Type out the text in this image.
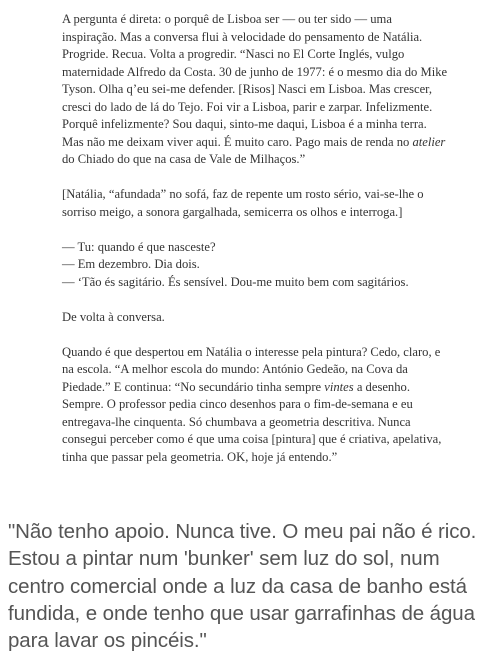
A pergunta é direta: o porquê de Lisboa ser — ou ter sido — uma inspiração. Mas a conversa flui à velocidade do pensamento de Natália. Progride. Recua. Volta a progredir. “Nasci no El Corte Inglés, vulgo maternidade Alfredo da Costa. 30 de junho de 1977: é o mesmo dia do Mike Tyson. Olha q’eu sei-me defender. [Risos] Nasci em Lisboa. Mas crescer, cresci do lado de lá do Tejo. Foi vir a Lisboa, parir e zarpar. Infelizmente. Porquê infelizmente? Sou daqui, sinto-me daqui, Lisboa é a minha terra. Mas não me deixam viver aqui. É muito caro. Pago mais de renda no atelier do Chiado do que na casa de Vale de Milhaços.”

[Natália, “afundada” no sofá, faz de repente um rosto sério, vai-se-lhe o sorriso meigo, a sonora gargalhada, semicerra os olhos e interroga.]

— Tu: quando é que nasceste?

— Em dezembro. Dia dois.

— ‘Tão és sagitário. És sensível. Dou-me muito bem com sagitários.

De volta à conversa.

Quando é que despertou em Natália o interesse pela pintura? Cedo, claro, e na escola. “A melhor escola do mundo: António Gedeão, na Cova da Piedade.” E continua: “No secundário tinha sempre vintes a desenho. Sempre. O professor pedia cinco desenhos para o fim-de-semana e eu entregava-lhe cinquenta. Só chumbava a geometria descritiva. Nunca consegui perceber como é que uma coisa [pintura] que é criativa, apelativa, tinha que passar pela geometria. OK, hoje já entendo.”

"Não tenho apoio. Nunca tive. O meu pai não é rico. Estou a pintar num 'bunker' sem luz do sol, num centro comercial onde a luz da casa de banho está fundida, e onde tenho que usar garrafinhas de água para lavar os pincéis."
